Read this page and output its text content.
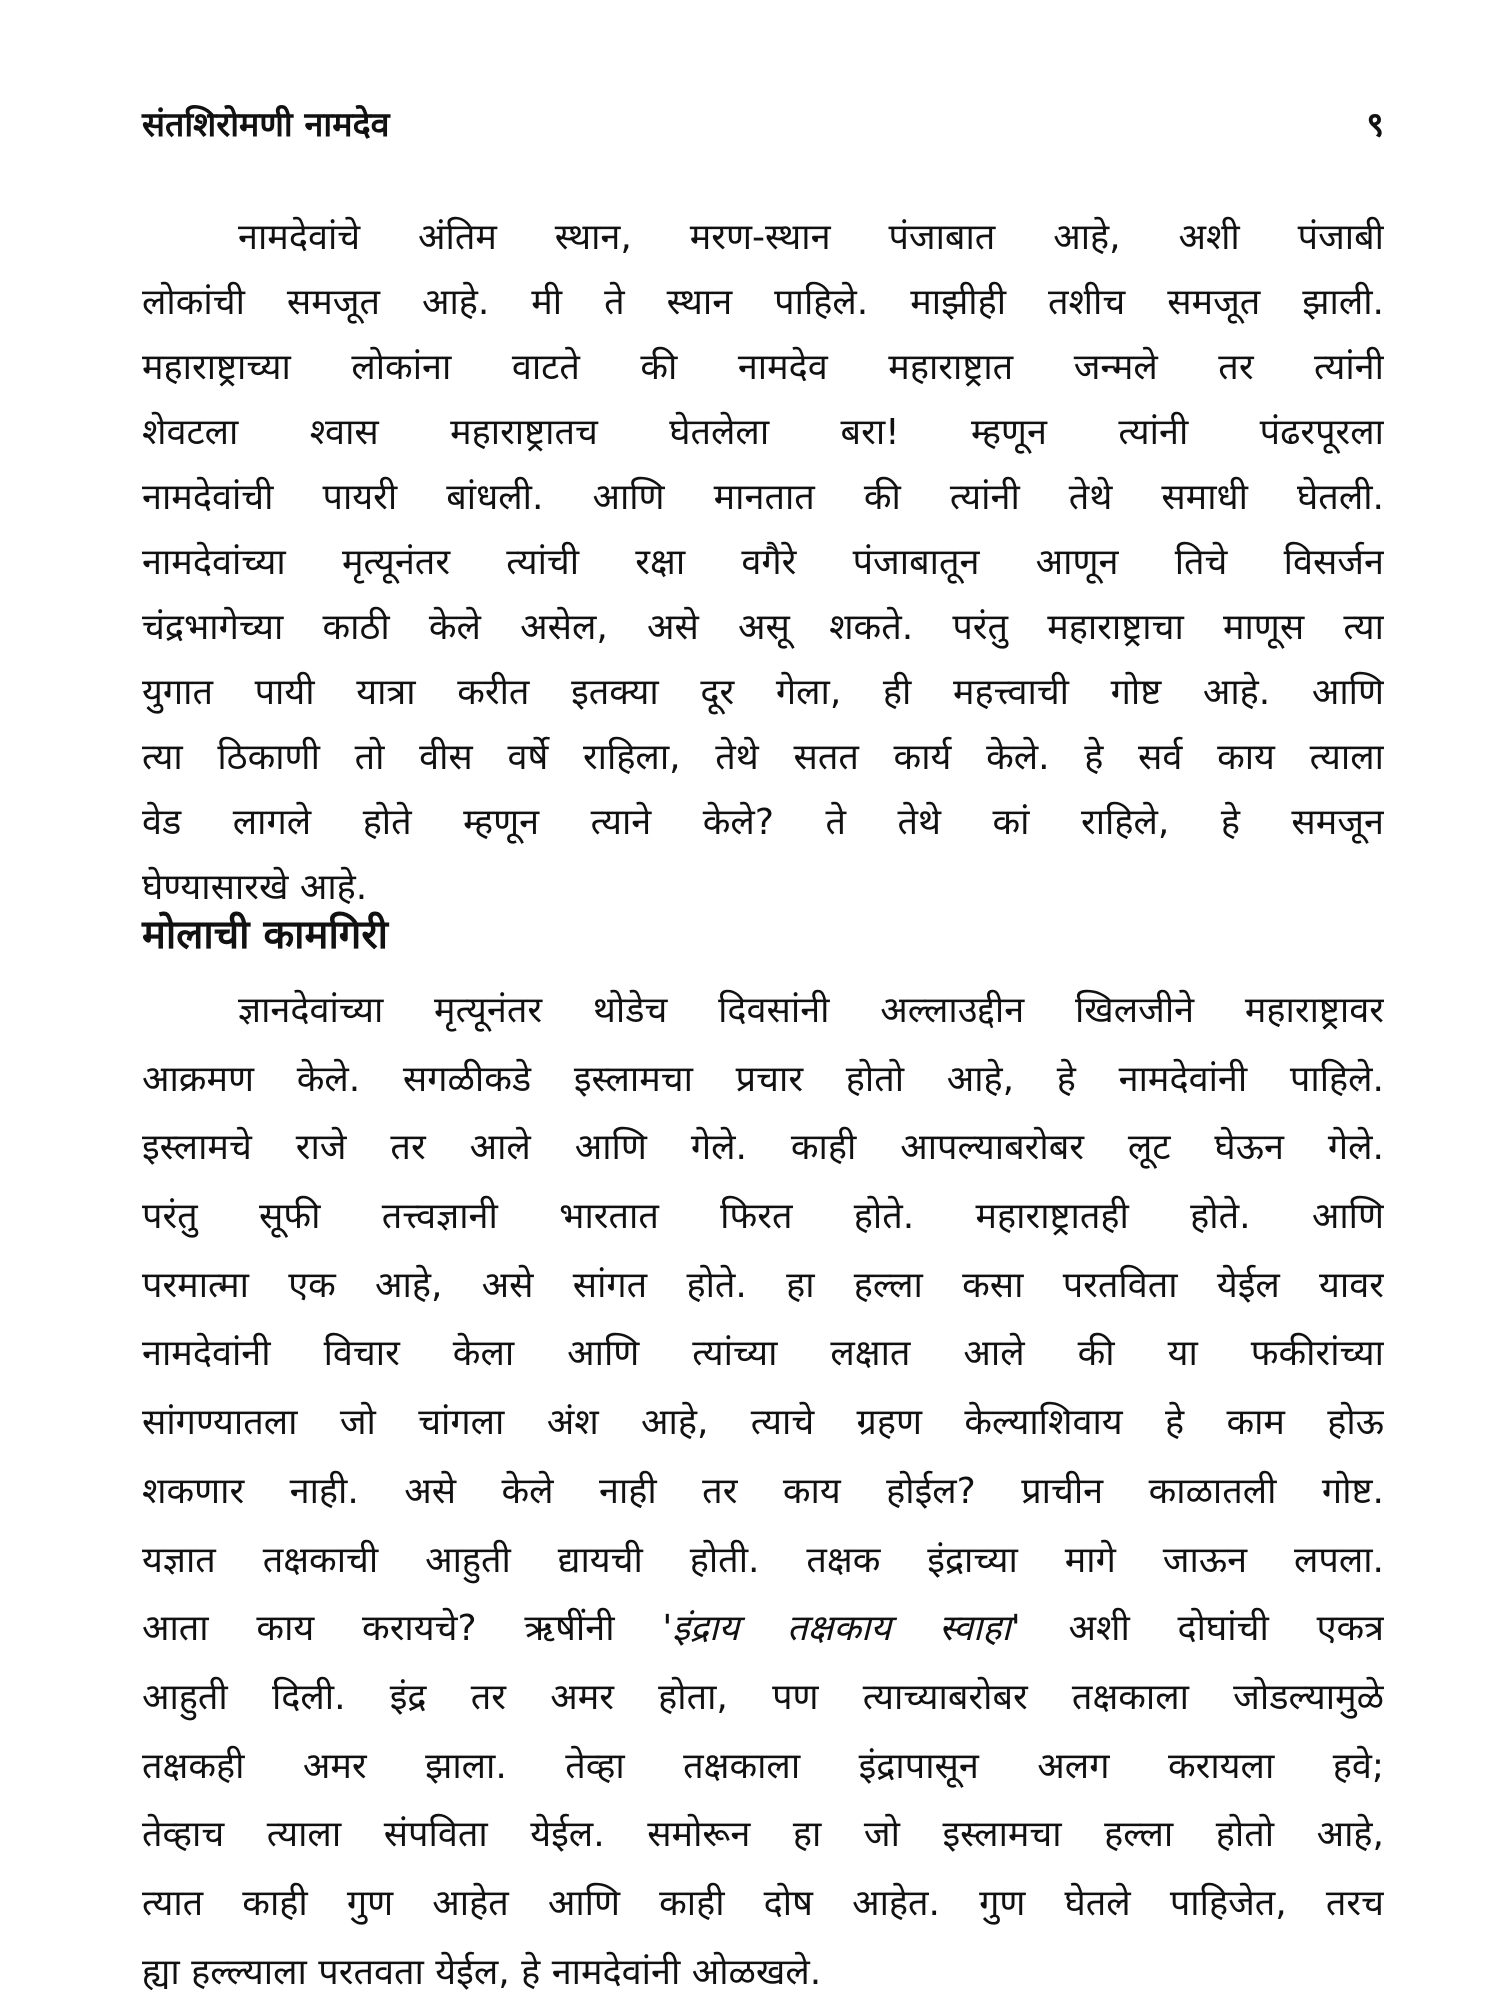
संतशिरोमणी नामदेव	९
नामदेवांचे अंतिम स्थान, मरण-स्थान पंजाबात आहे, अशी पंजाबी
लोकांची समजूत आहे. मी ते स्थान पाहिले. माझीही तशीच समजूत झाली.
महाराष्ट्राच्या लोकांना वाटते की नामदेव महाराष्ट्रात जन्मले तर त्यांनी
शेवटला श्वास महाराष्ट्रातच घेतलेला बरा! म्हणून त्यांनी पंढरपूरला
नामदेवांची पायरी बांधली. आणि मानतात की त्यांनी तेथे समाधी घेतली.
नामदेवांच्या मृत्यूनंतर त्यांची रक्षा वगैरे पंजाबातून आणून तिचे विसर्जन
चंद्रभागेच्या काठी केले असेल, असे असू शकते. परंतु महाराष्ट्राचा माणूस त्या
युगात पायी यात्रा करीत इतक्या दूर गेला, ही महत्त्वाची गोष्ट आहे. आणि
त्या ठिकाणी तो वीस वर्षे राहिला, तेथे सतत कार्य केले. हे सर्व काय त्याला
वेड लागले होते म्हणून त्याने केले? ते तेथे कां राहिले, हे समजून
घेण्यासारखे आहे.
मोलाची कामगिरी
ज्ञानदेवांच्या मृत्यूनंतर थोडेच दिवसांनी अल्लाउद्दीन खिलजीने महाराष्ट्रावर
आक्रमण केले. सगळीकडे इस्लामचा प्रचार होतो आहे, हे नामदेवांनी पाहिले.
इस्लामचे राजे तर आले आणि गेले. काही आपल्याबरोबर लूट घेऊन गेले.
परंतु सूफी तत्त्वज्ञानी भारतात फिरत होते. महाराष्ट्रातही होते. आणि
परमात्मा एक आहे, असे सांगत होते. हा हल्ला कसा परतविता येईल यावर
नामदेवांनी विचार केला आणि त्यांच्या लक्षात आले की या फकीरांच्या
सांगण्यातला जो चांगला अंश आहे, त्याचे ग्रहण केल्याशिवाय हे काम होऊ
शकणार नाही. असे केले नाही तर काय होईल? प्राचीन काळातली गोष्ट.
यज्ञात तक्षकाची आहुती द्यायची होती. तक्षक इंद्राच्या मागे जाऊन लपला.
आता काय करायचे? ऋषींनी 'इंद्राय तक्षकाय स्वाहा' अशी दोघांची एकत्र
आहुती दिली. इंद्र तर अमर होता, पण त्याच्याबरोबर तक्षकाला जोडल्यामुळे
तक्षकही अमर झाला. तेव्हा तक्षकाला इंद्रापासून अलग करायला हवे;
तेव्हाच त्याला संपविता येईल. समोरून हा जो इस्लामचा हल्ला होतो आहे,
त्यात काही गुण आहेत आणि काही दोष आहेत. गुण घेतले पाहिजेत, तरच
ह्या हल्ल्याला परतवता येईल, हे नामदेवांनी ओळखले.
